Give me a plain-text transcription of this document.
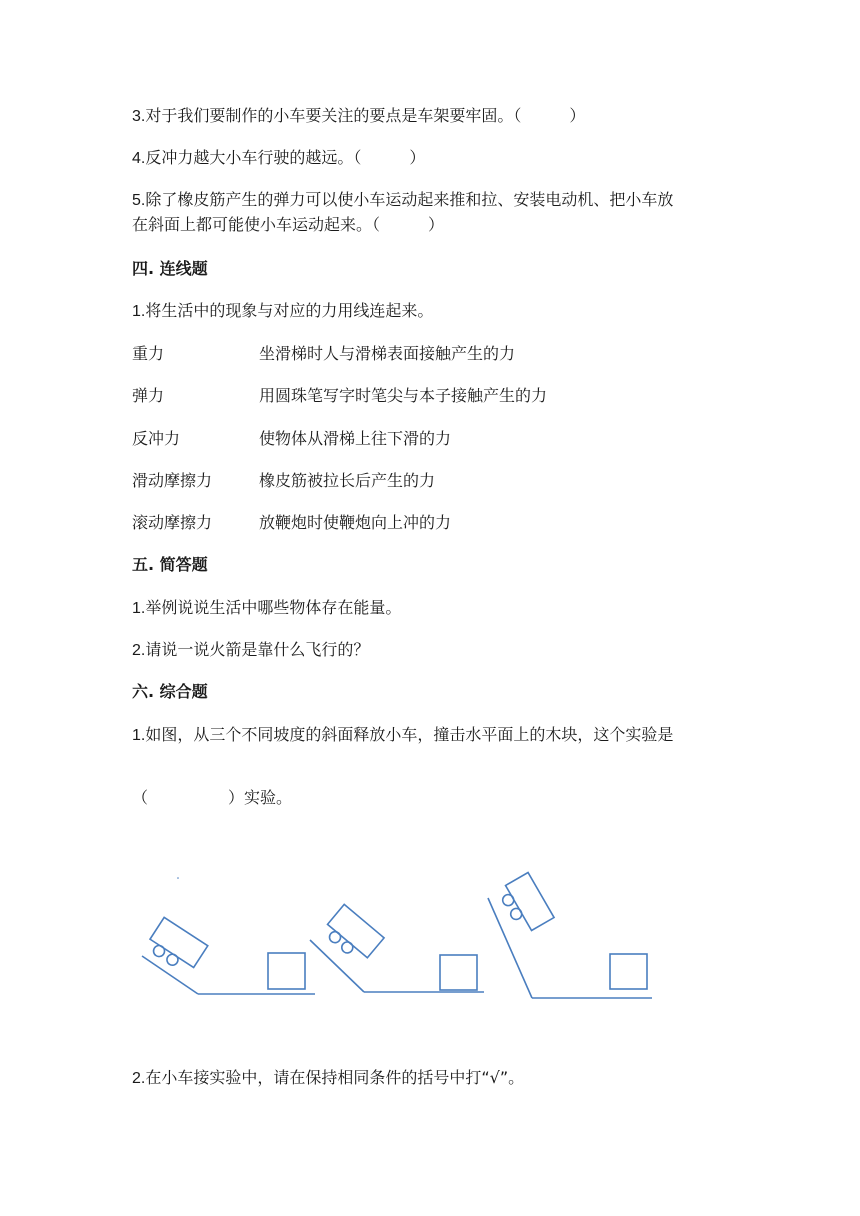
3.对于我们要制作的小车要关注的要点是车架要牢固。（　　　）
4.反冲力越大小车行驶的越远。（　　　）
5.除了橡皮筋产生的弹力可以使小车运动起来推和拉、安装电动机、把小车放
在斜面上都可能使小车运动起来。（　　　）
四. 连线题
1.将生活中的现象与对应的力用线连起来。
重力	坐滑梯时人与滑梯表面接触产生的力
弹力	用圆珠笔写字时笔尖与本子接触产生的力
反冲力	使物体从滑梯上往下滑的力
滑动摩擦力	橡皮筋被拉长后产生的力
滚动摩擦力	放鞭炮时使鞭炮向上冲的力
五. 简答题
1.举例说说生活中哪些物体存在能量。
2.请说一说火箭是靠什么飞行的？
六. 综合题
1.如图，从三个不同坡度的斜面释放小车，撞击水平面上的木块，这个实验是
（　　　　　）实验。
2.在小车接实验中，请在保持相同条件的括号中打“√”。
